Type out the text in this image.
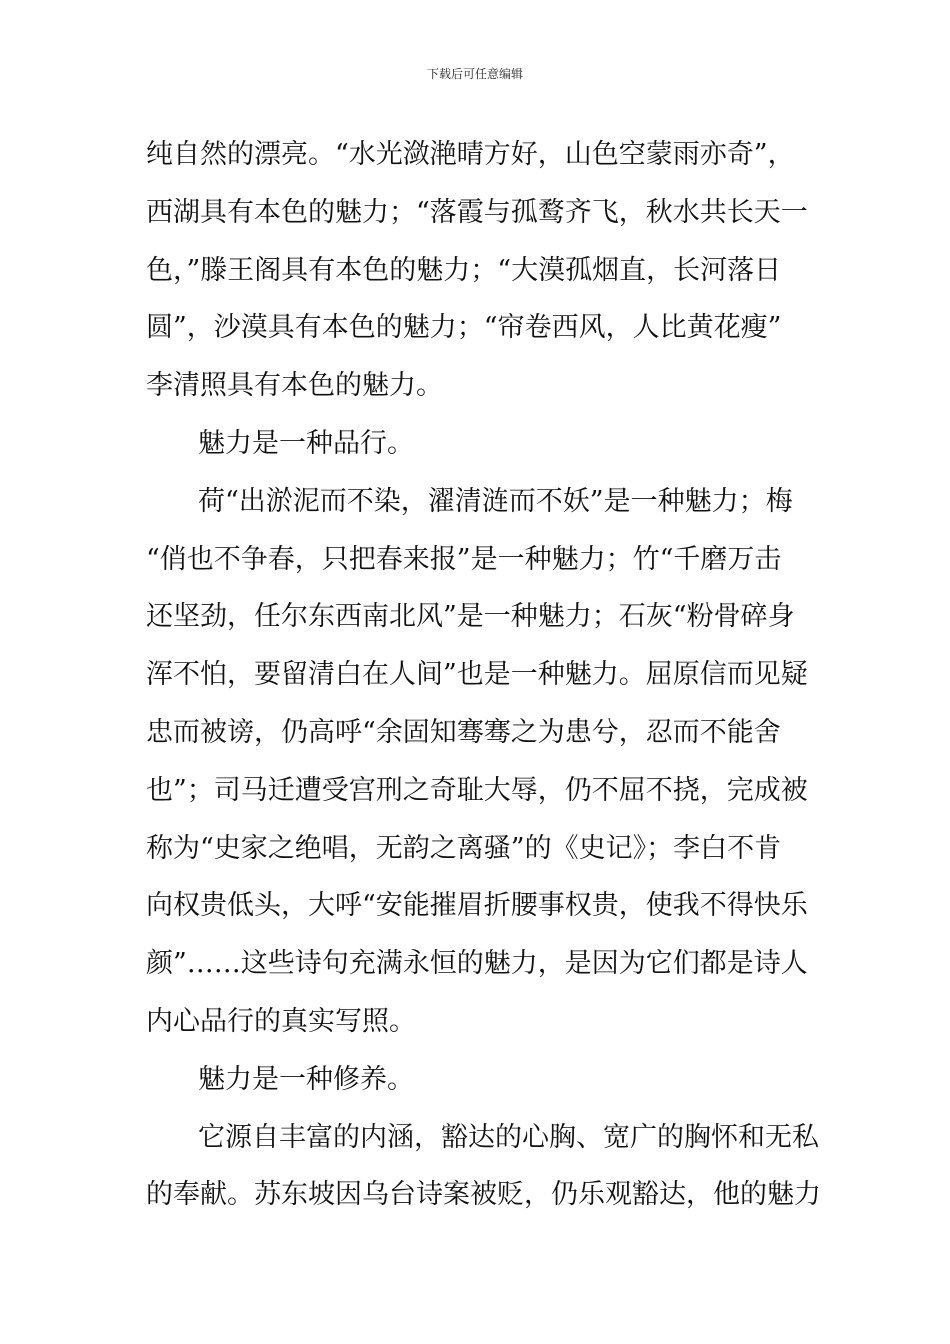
下载后可任意编辑
纯自然的漂亮。“水光潋滟晴方好，山色空蒙雨亦奇”，
西湖具有本色的魅力；“落霞与孤鹜齐飞，秋水共长天一
色，”滕王阁具有本色的魅力；“大漠孤烟直，长河落日
圆”，沙漠具有本色的魅力；“帘卷西风，人比黄花瘦”
李清照具有本色的魅力。
魅力是一种品行。
荷“出淤泥而不染，濯清涟而不妖”是一种魅力；梅
“俏也不争春，只把春来报”是一种魅力；竹“千磨万击
还坚劲，任尔东西南北风”是一种魅力；石灰“粉骨碎身
浑不怕，要留清白在人间”也是一种魅力。屈原信而见疑
忠而被谤，仍高呼“余固知骞骞之为患兮，忍而不能舍
也”；司马迁遭受宫刑之奇耻大辱，仍不屈不挠，完成被
称为“史家之绝唱，无韵之离骚”的《史记》；李白不肯
向权贵低头，大呼“安能摧眉折腰事权贵，使我不得快乐
颜”……这些诗句充满永恒的魅力，是因为它们都是诗人
内心品行的真实写照。
魅力是一种修养。
它源自丰富的内涵，豁达的心胸、宽广的胸怀和无私
的奉献。苏东坡因乌台诗案被贬，仍乐观豁达，他的魅力
